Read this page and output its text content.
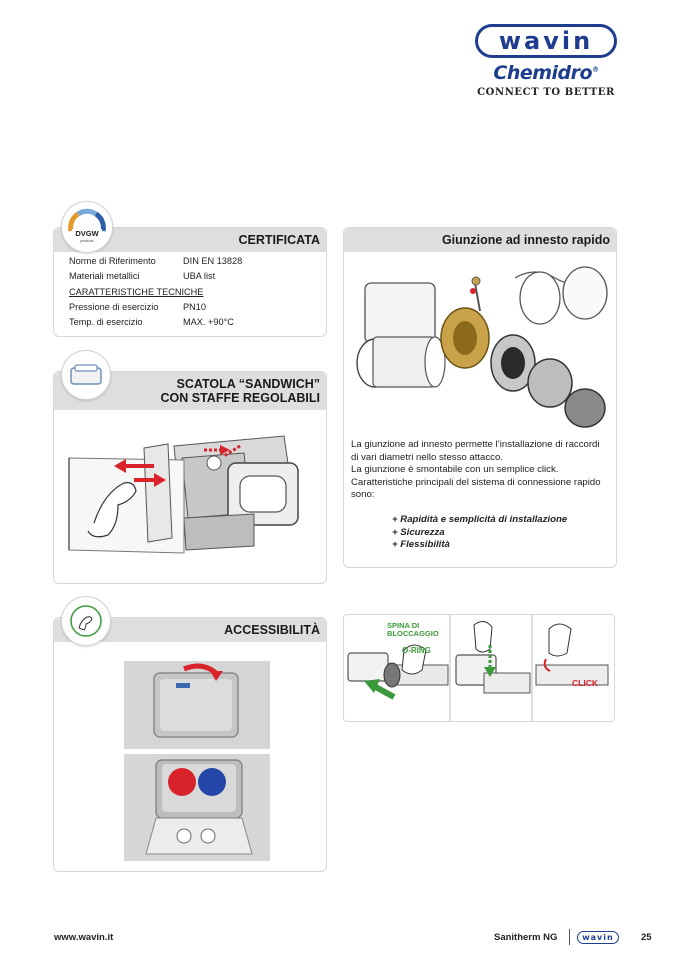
wavin
Chemidro®
CONNECT TO BETTER
CERTIFICATA
DVGW
product
Norme di Riferimento	DIN EN 13828
Materiali metallici	UBA list
CARATTERISTICHE TECNICHE
Pressione di esercizio	PN10
Temp. di esercizio	MAX. +90°C
SCATOLA “SANDWICH”
CON STAFFE REGOLABILI
ACCESSIBILITÀ
Giunzione ad innesto rapido
La giunzione ad innesto permette l’installazione di raccordi
di vari diametri nello stesso attacco.
La giunzione è smontabile con un semplice click.
Caratteristiche principali del sistema di connessione rapido
sono:
+ Rapidità e semplicità di installazione
+ Sicurezza
+ Flessibilità
SPINA DI
BLOCCAGGIO
O-RING
CLICK
www.wavin.it	Sanitherm NG	wavin	25
